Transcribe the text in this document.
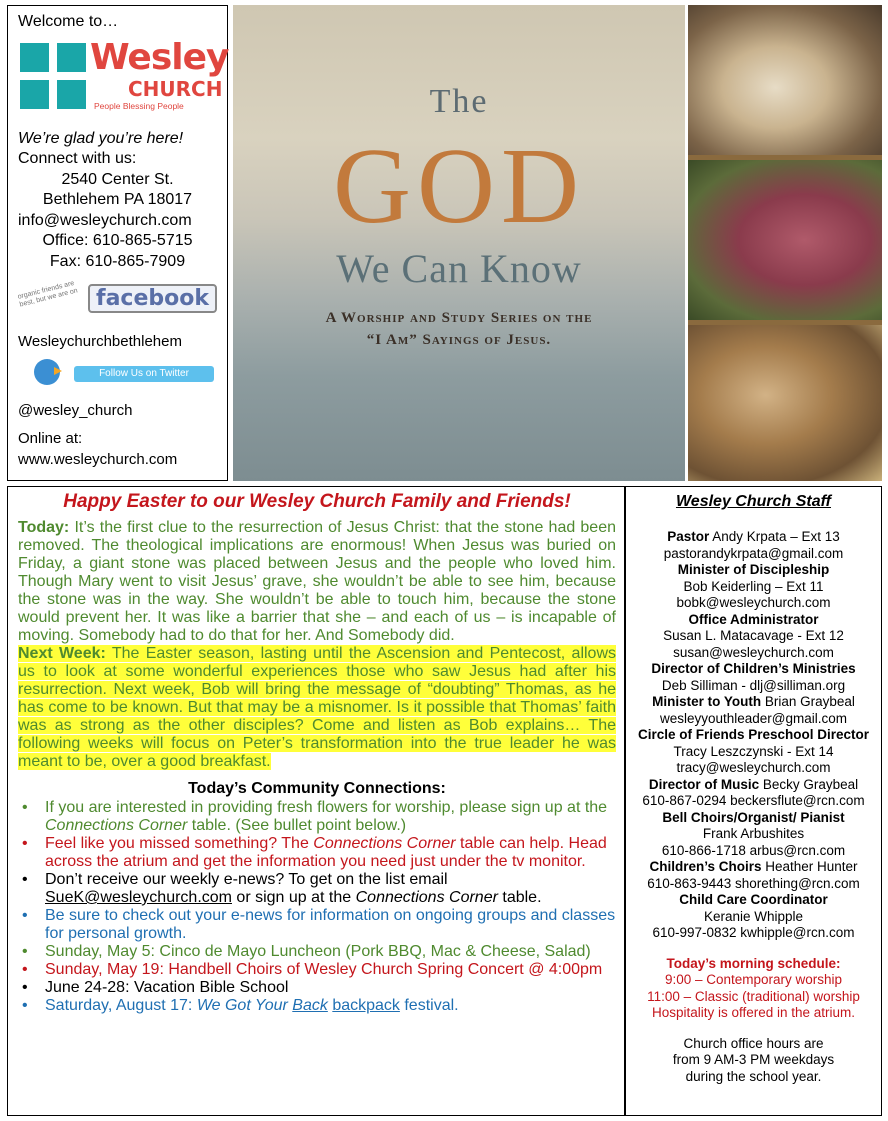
Welcome to…
Wesley
CHURCH
People Blessing People
We’re glad you’re here!
Connect with us:
2540 Center St.
Bethlehem PA 18017
info@wesleychurch.com
Office: 610-865-5715
Fax: 610-865-7909
organic friends are best, but we are on facebook
Wesleychurchbethlehem
Follow Us on Twitter
@wesley_church
Online at:
www.wesleychurch.com
The
GOD
We Can Know
A Worship and Study Series on the
“I Am” Sayings of Jesus.
Happy Easter to our Wesley Church Family and Friends!

Today: It’s the first clue to the resurrection of Jesus Christ: that the stone had been removed. The theological implications are enormous! When Jesus was buried on Friday, a giant stone was placed between Jesus and the people who loved him. Though Mary went to visit Jesus’ grave, she wouldn’t be able to see him, because the stone was in the way. She wouldn’t be able to touch him, because the stone would prevent her. It was like a barrier that she – and each of us – is incapable of moving. Somebody had to do that for her. And Somebody did.

Next Week: The Easter season, lasting until the Ascension and Pentecost, allows us to look at some wonderful experiences those who saw Jesus had after his resurrection. Next week, Bob will bring the message of “doubting” Thomas, as he has come to be known. But that may be a misnomer. Is it possible that Thomas’ faith was as strong as the other disciples? Come and listen as Bob explains… The following weeks will focus on Peter’s transformation into the true leader he was meant to be, over a good breakfast.

Today’s Community Connections:
• If you are interested in providing fresh flowers for worship, please sign up at the Connections Corner table. (See bullet point below.)
• Feel like you missed something? The Connections Corner table can help. Head across the atrium and get the information you need just under the tv monitor.
• Don’t receive our weekly e-news? To get on the list email SueK@wesleychurch.com or sign up at the Connections Corner table.
• Be sure to check out your e-news for information on ongoing groups and classes for personal growth.
• Sunday, May 5: Cinco de Mayo Luncheon (Pork BBQ, Mac & Cheese, Salad)
• Sunday, May 19: Handbell Choirs of Wesley Church Spring Concert @ 4:00pm
• June 24-28: Vacation Bible School
• Saturday, August 17: We Got Your Back backpack festival.
Wesley Church Staff
Pastor Andy Krpata – Ext 13
pastorandykrpata@gmail.com
Minister of Discipleship
Bob Keiderling – Ext 11
bobk@wesleychurch.com
Office Administrator
Susan L. Matacavage - Ext 12
susan@wesleychurch.com
Director of Children’s Ministries
Deb Silliman - dlj@silliman.org
Minister to Youth Brian Graybeal
wesleyyouthleader@gmail.com
Circle of Friends Preschool Director
Tracy Leszczynski - Ext 14
tracy@wesleychurch.com
Director of Music Becky Graybeal
610-867-0294 beckersflute@rcn.com
Bell Choirs/Organist/ Pianist
Frank Arbushites
610-866-1718 arbus@rcn.com
Children’s Choirs Heather Hunter
610-863-9443 shorething@rcn.com
Child Care Coordinator
Keranie Whipple
610-997-0832 kwhipple@rcn.com
Today’s morning schedule:
9:00 – Contemporary worship
11:00 – Classic (traditional) worship
Hospitality is offered in the atrium.
Church office hours are
from 9 AM-3 PM weekdays
during the school year.
